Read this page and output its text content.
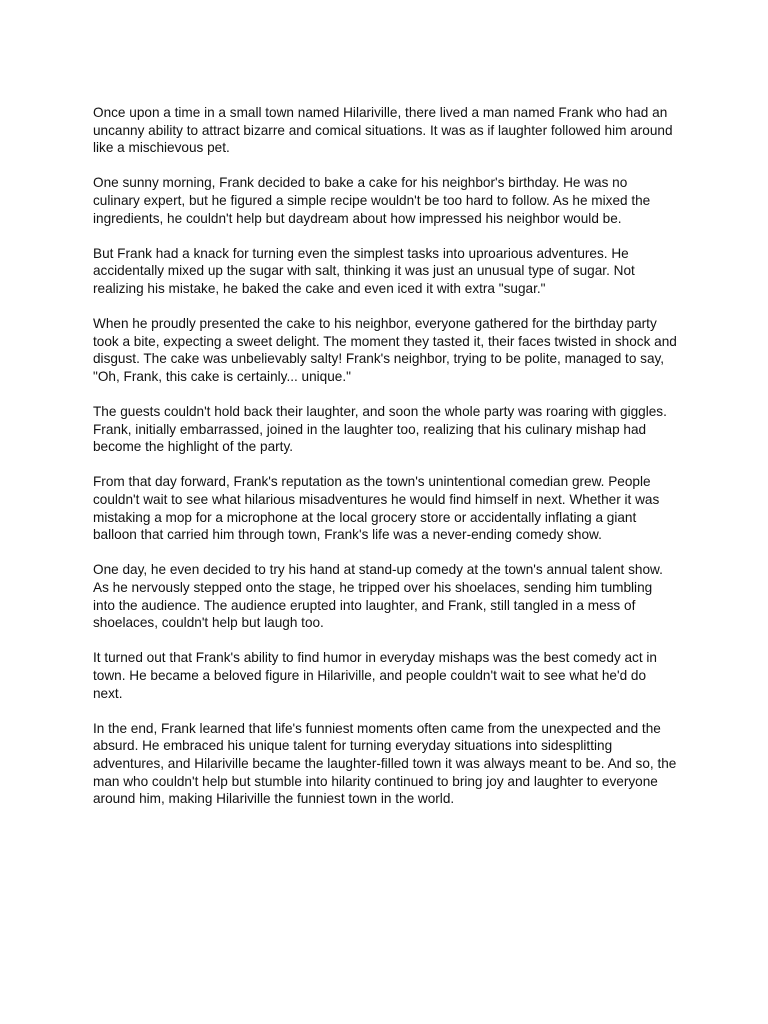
Once upon a time in a small town named Hilariville, there lived a man named Frank who had an uncanny ability to attract bizarre and comical situations. It was as if laughter followed him around like a mischievous pet.

One sunny morning, Frank decided to bake a cake for his neighbor's birthday. He was no culinary expert, but he figured a simple recipe wouldn't be too hard to follow. As he mixed the ingredients, he couldn't help but daydream about how impressed his neighbor would be.

But Frank had a knack for turning even the simplest tasks into uproarious adventures. He accidentally mixed up the sugar with salt, thinking it was just an unusual type of sugar. Not realizing his mistake, he baked the cake and even iced it with extra "sugar."

When he proudly presented the cake to his neighbor, everyone gathered for the birthday party took a bite, expecting a sweet delight. The moment they tasted it, their faces twisted in shock and disgust. The cake was unbelievably salty! Frank's neighbor, trying to be polite, managed to say, "Oh, Frank, this cake is certainly... unique."

The guests couldn't hold back their laughter, and soon the whole party was roaring with giggles. Frank, initially embarrassed, joined in the laughter too, realizing that his culinary mishap had become the highlight of the party.

From that day forward, Frank's reputation as the town's unintentional comedian grew. People couldn't wait to see what hilarious misadventures he would find himself in next. Whether it was mistaking a mop for a microphone at the local grocery store or accidentally inflating a giant balloon that carried him through town, Frank's life was a never-ending comedy show.

One day, he even decided to try his hand at stand-up comedy at the town's annual talent show. As he nervously stepped onto the stage, he tripped over his shoelaces, sending him tumbling into the audience. The audience erupted into laughter, and Frank, still tangled in a mess of shoelaces, couldn't help but laugh too.

It turned out that Frank's ability to find humor in everyday mishaps was the best comedy act in town. He became a beloved figure in Hilariville, and people couldn't wait to see what he'd do next.

In the end, Frank learned that life's funniest moments often came from the unexpected and the absurd. He embraced his unique talent for turning everyday situations into sidesplitting adventures, and Hilariville became the laughter-filled town it was always meant to be. And so, the man who couldn't help but stumble into hilarity continued to bring joy and laughter to everyone around him, making Hilariville the funniest town in the world.
